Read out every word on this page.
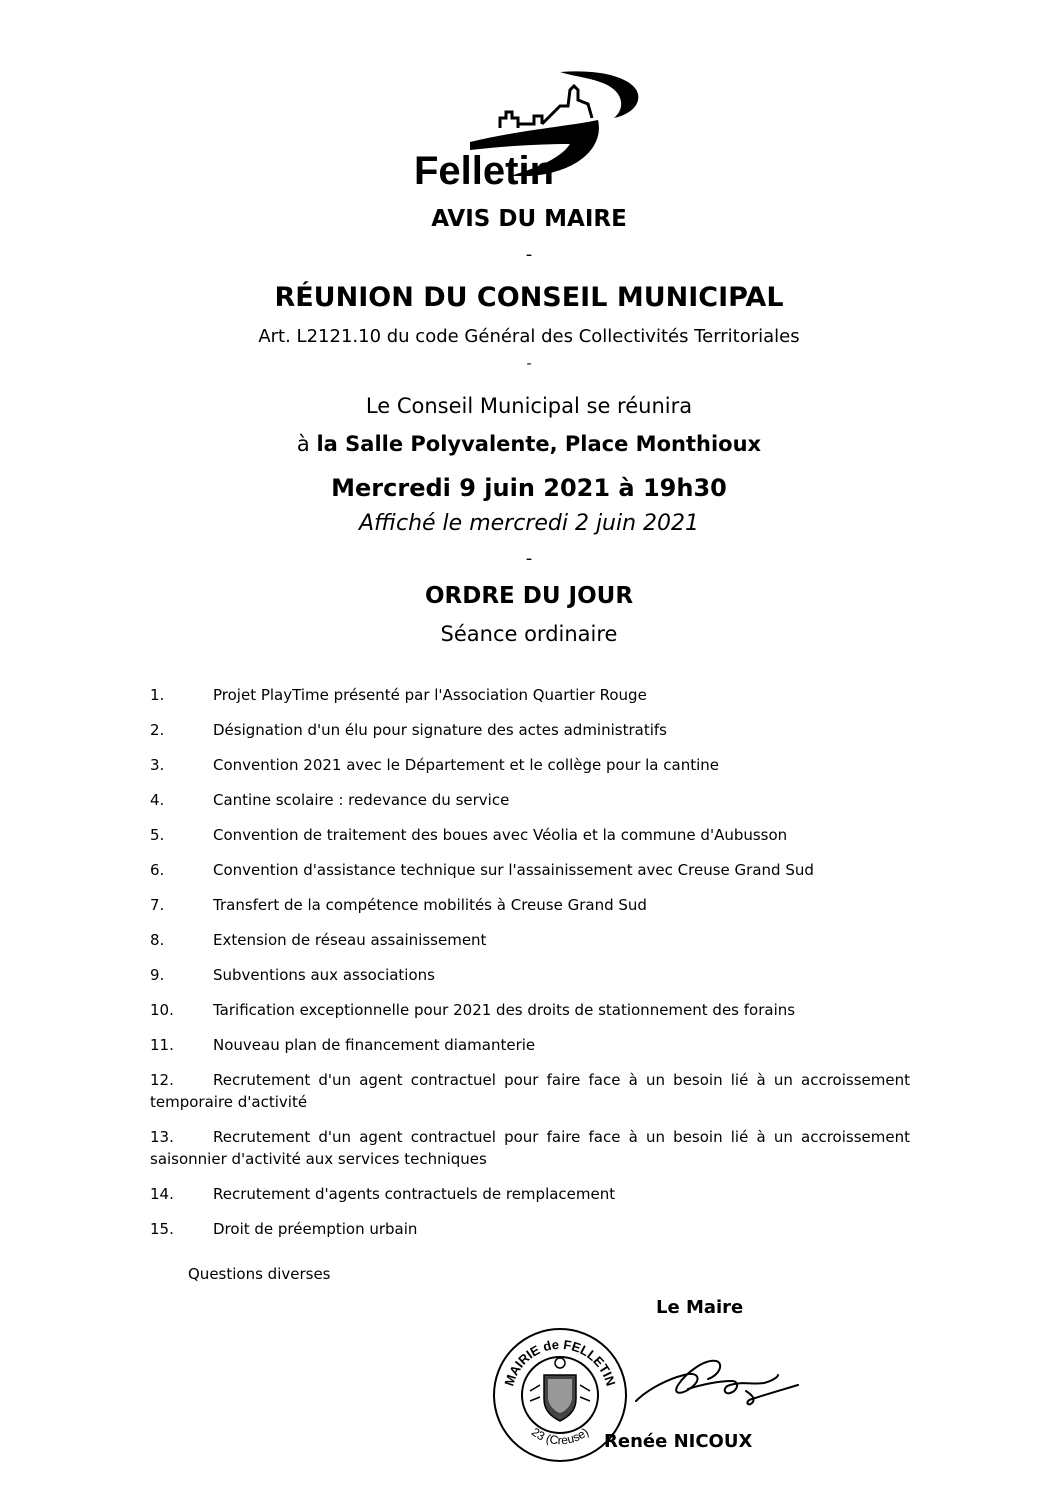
Felletin
AVIS DU MAIRE
-
RÉUNION DU CONSEIL MUNICIPAL
Art. L2121.10 du code Général des Collectivités Territoriales
-
Le Conseil Municipal se réunira
à la Salle Polyvalente, Place Monthioux
Mercredi 9 juin 2021 à 19h30
Affiché le mercredi 2 juin 2021
-
ORDRE DU JOUR
Séance ordinaire
1.	Projet PlayTime présenté par l'Association Quartier Rouge
2.	Désignation d'un élu pour signature des actes administratifs
3.	Convention 2021 avec le Département et le collège pour la cantine
4.	Cantine scolaire : redevance du service
5.	Convention de traitement des boues avec Véolia et la commune d'Aubusson
6.	Convention d'assistance technique sur l'assainissement avec Creuse Grand Sud
7.	Transfert de la compétence mobilités à Creuse Grand Sud
8.	Extension de réseau assainissement
9.	Subventions aux associations
10.	Tarification exceptionnelle pour 2021 des droits de stationnement des forains
11.	Nouveau plan de financement diamanterie
12.	Recrutement d'un agent contractuel pour faire face à un besoin lié à un accroissement temporaire d'activité
13.	Recrutement d'un agent contractuel pour faire face à un besoin lié à un accroissement saisonnier d'activité aux services techniques
14.	Recrutement d'agents contractuels de remplacement
15.	Droit de préemption urbain
Questions diverses
Le Maire
MAIRIE de FELLETIN
23 (Creuse) Renée NICOUX
